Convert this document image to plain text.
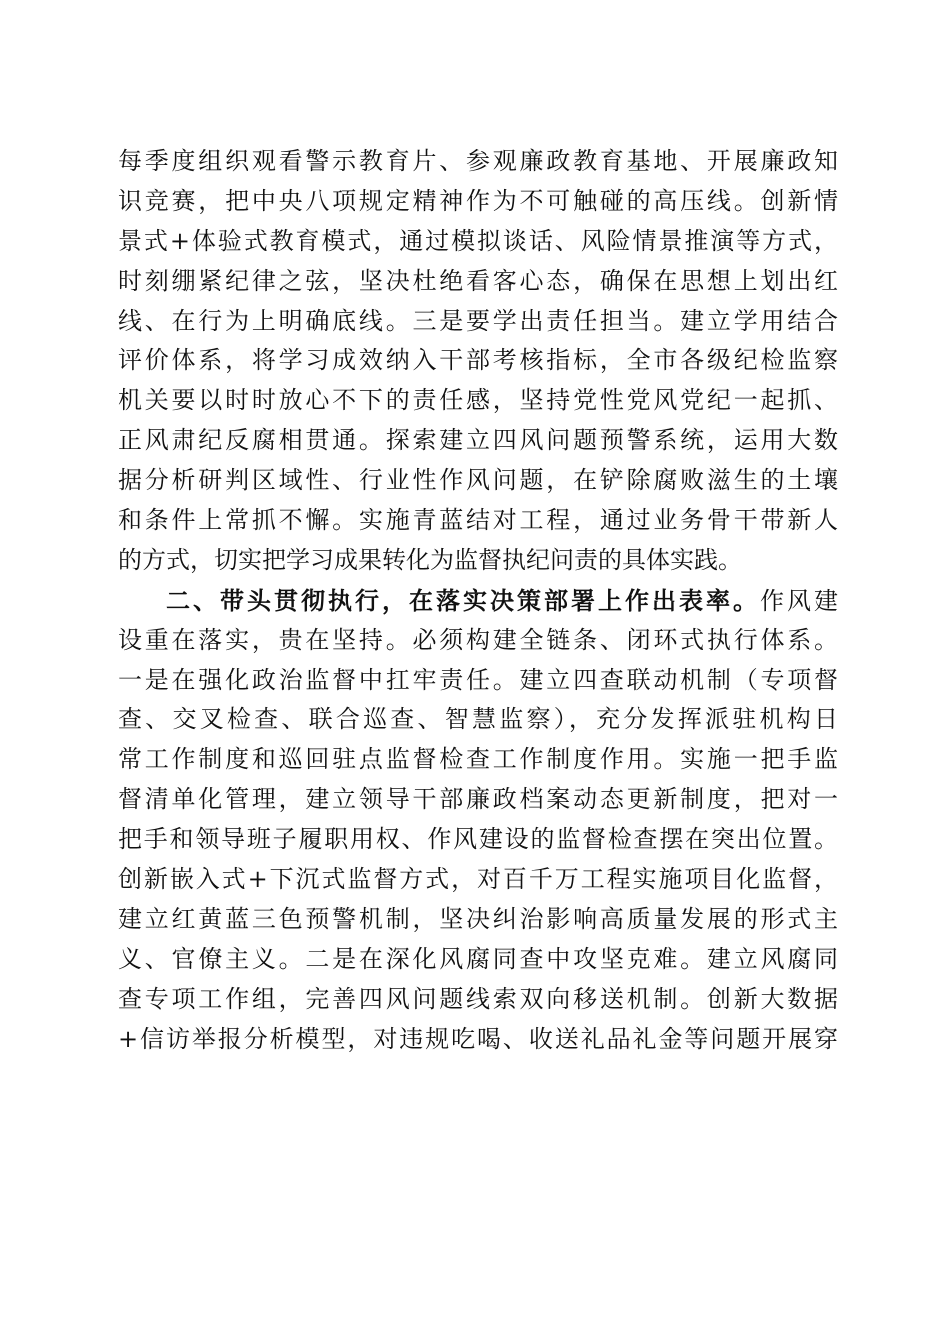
每季度组织观看警示教育片、参观廉政教育基地、开展廉政知
识竞赛，把中央八项规定精神作为不可触碰的高压线。创新情
景式+体验式教育模式，通过模拟谈话、风险情景推演等方式，
时刻绷紧纪律之弦，坚决杜绝看客心态，确保在思想上划出红
线、在行为上明确底线。三是要学出责任担当。建立学用结合
评价体系，将学习成效纳入干部考核指标，全市各级纪检监察
机关要以时时放心不下的责任感，坚持党性党风党纪一起抓、
正风肃纪反腐相贯通。探索建立四风问题预警系统，运用大数
据分析研判区域性、行业性作风问题，在铲除腐败滋生的土壤
和条件上常抓不懈。实施青蓝结对工程，通过业务骨干带新人
的方式，切实把学习成果转化为监督执纪问责的具体实践。
二、带头贯彻执行，在落实决策部署上作出表率。作风建
设重在落实，贵在坚持。必须构建全链条、闭环式执行体系。
一是在强化政治监督中扛牢责任。建立四查联动机制（专项督
查、交叉检查、联合巡查、智慧监察），充分发挥派驻机构日
常工作制度和巡回驻点监督检查工作制度作用。实施一把手监
督清单化管理，建立领导干部廉政档案动态更新制度，把对一
把手和领导班子履职用权、作风建设的监督检查摆在突出位置。
创新嵌入式+下沉式监督方式，对百千万工程实施项目化监督，
建立红黄蓝三色预警机制，坚决纠治影响高质量发展的形式主
义、官僚主义。二是在深化风腐同查中攻坚克难。建立风腐同
查专项工作组，完善四风问题线索双向移送机制。创新大数据
+信访举报分析模型，对违规吃喝、收送礼品礼金等问题开展穿
